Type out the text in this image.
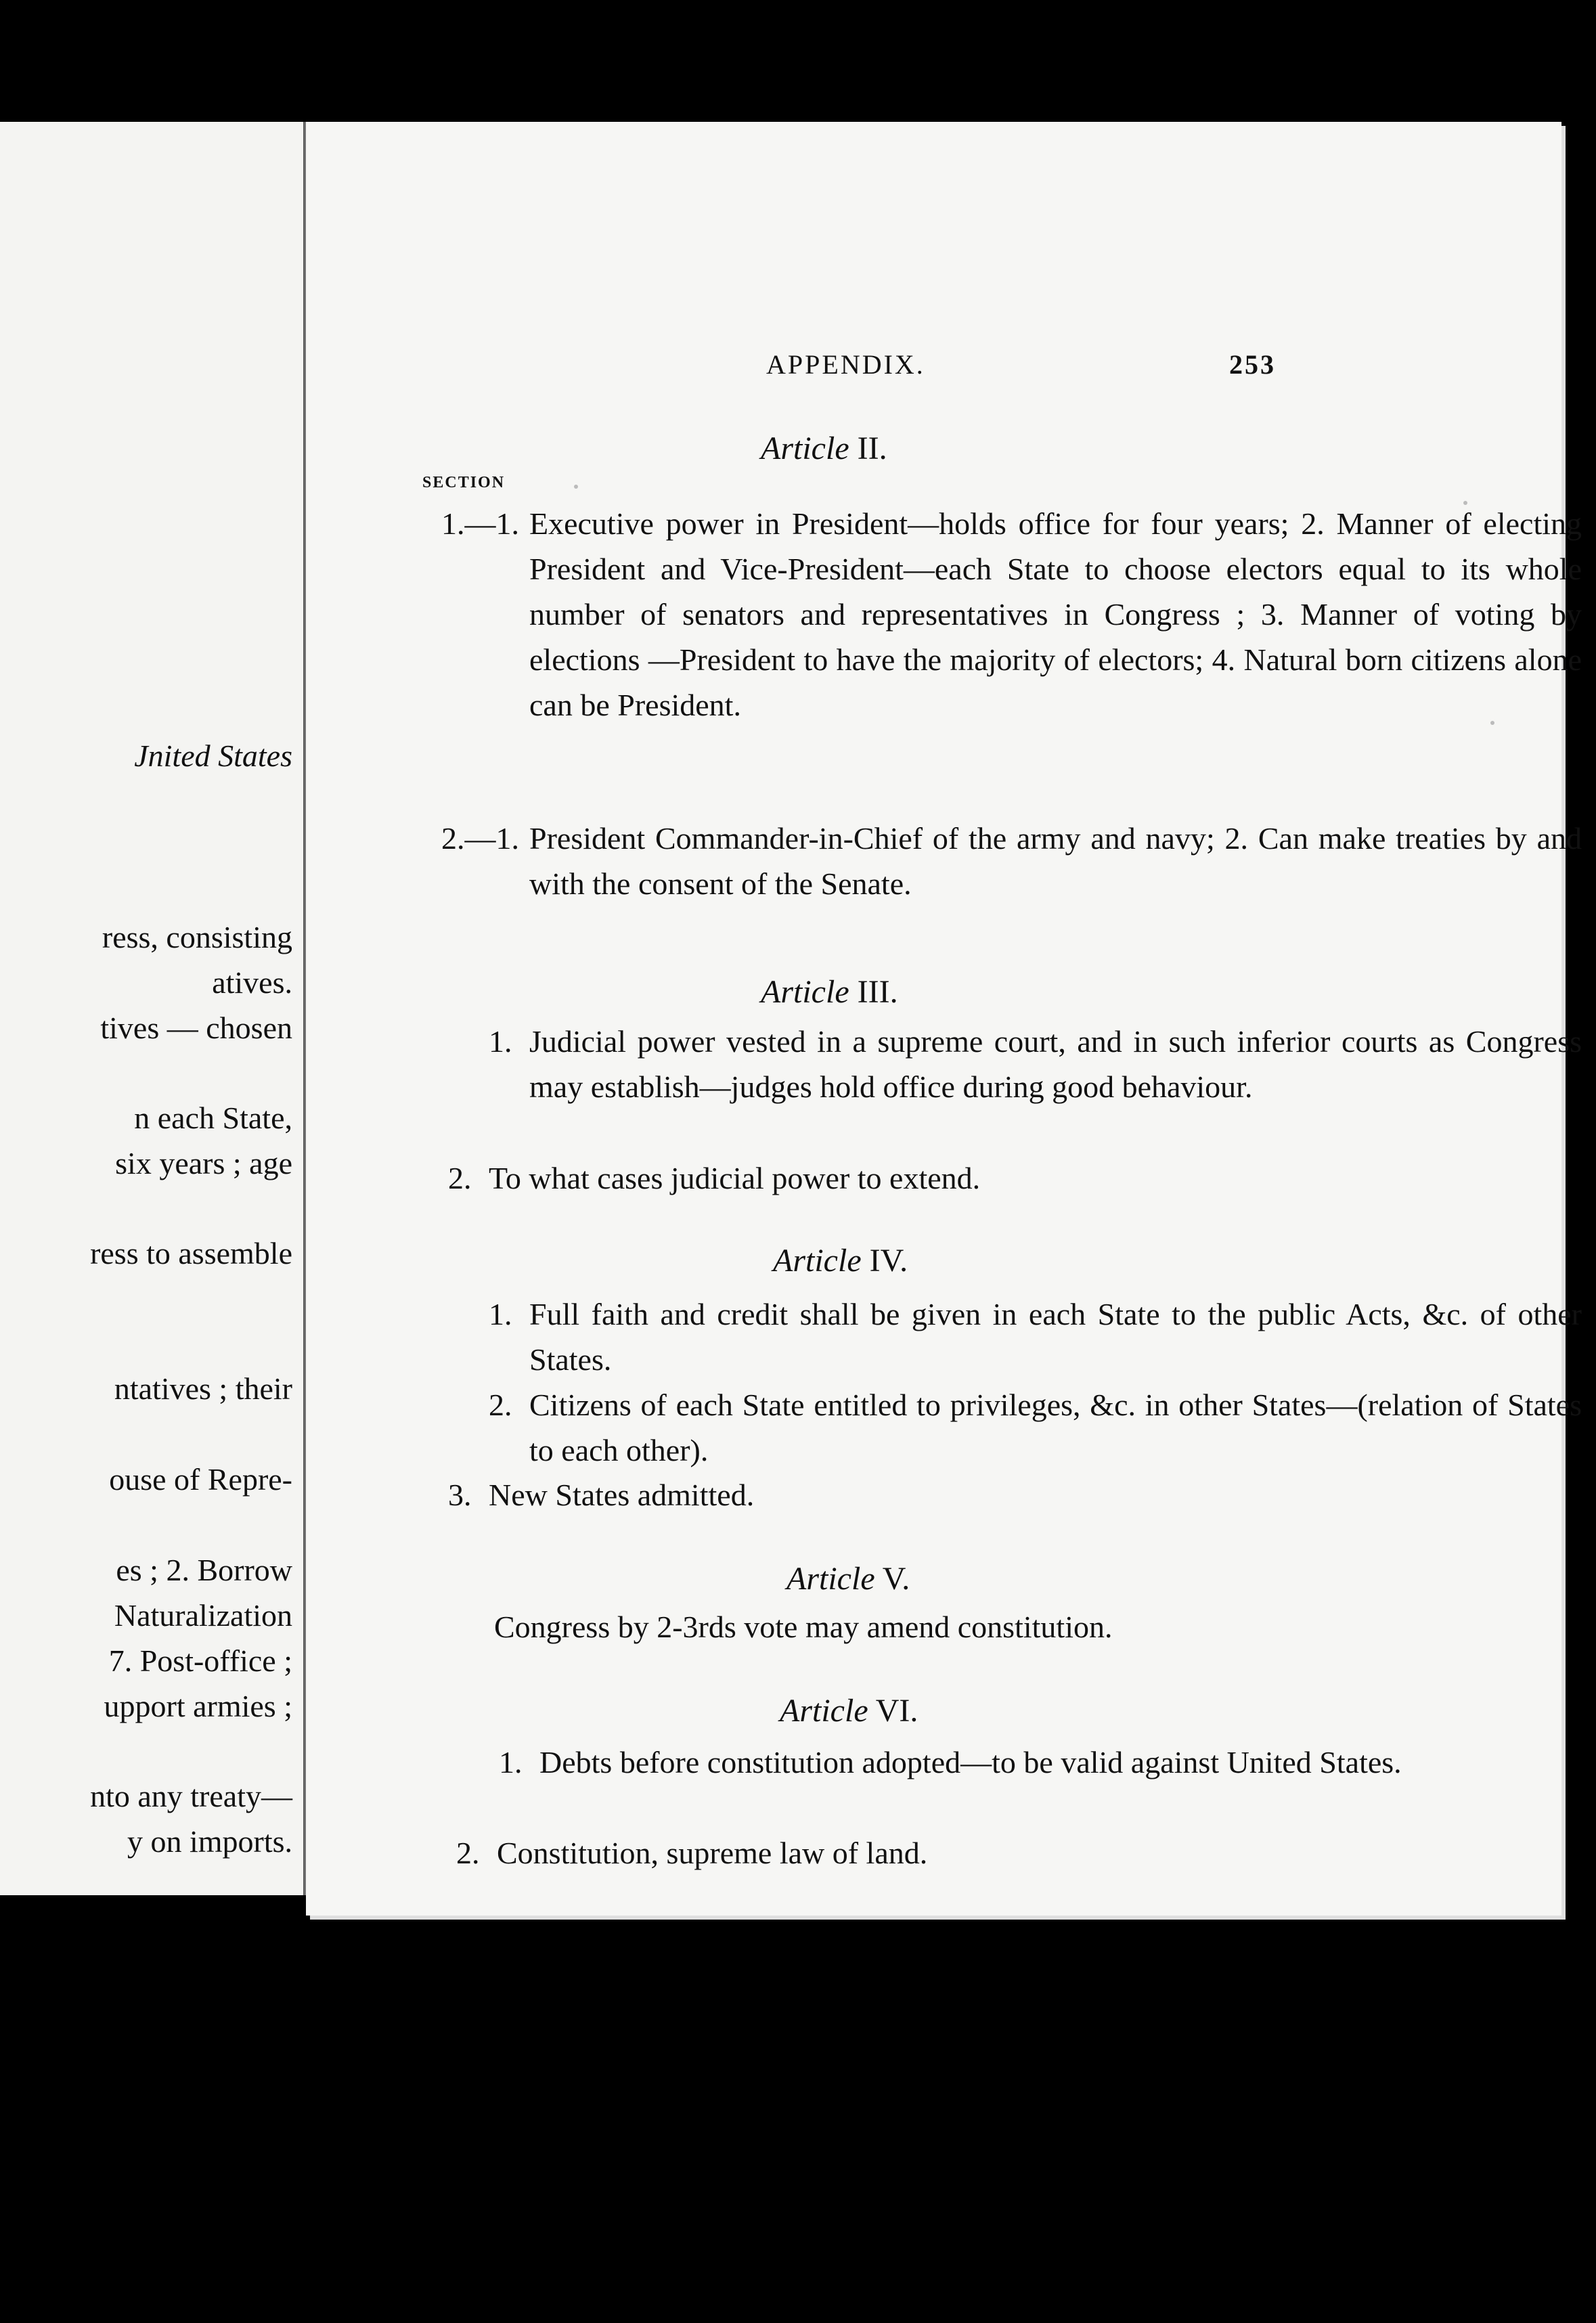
Jnited States
ress, consisting
atives.
tives — chosen
n each State,
six years ; age
ress to assemble
ntatives ; their
ouse of Repre-
es ; 2. Borrow
Naturalization
7. Post-office ;
upport armies ;
nto any treaty—
y on imports.
APPENDIX.	253
Article II.
SECTION
1.—1. Executive power in President—holds office for four years; 2. Manner of electing President and Vice-President—each State to choose electors equal to its whole number of senators and representatives in Congress ; 3. Manner of voting by elections —President to have the majority of electors; 4. Natural born citizens alone can be President.
2.—1. President Commander-in-Chief of the army and navy; 2. Can make treaties by and with the consent of the Senate.
Article III.
1. Judicial power vested in a supreme court, and in such inferior courts as Congress may establish—judges hold office during good behaviour.
2. To what cases judicial power to extend.
Article IV.
1. Full faith and credit shall be given in each State to the public Acts, &c. of other States.
2. Citizens of each State entitled to privileges, &c. in other States—(relation of States to each other).
3. New States admitted.
Article V.
Congress by 2-3rds vote may amend constitution.
Article VI.
1. Debts before constitution adopted—to be valid against United States.
2. Constitution, supreme law of land.
